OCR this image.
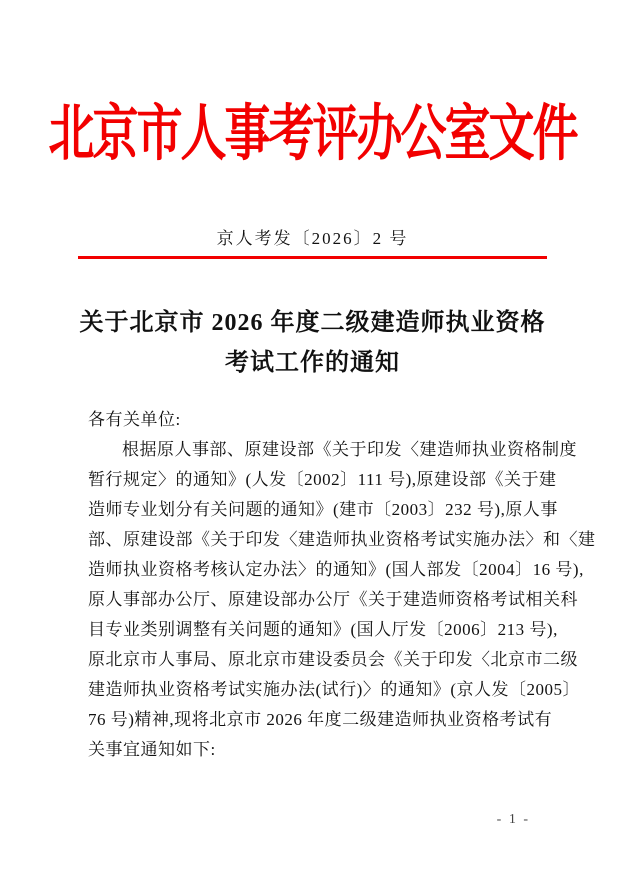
北京市人事考评办公室文件
京人考发〔2026〕2 号
关于北京市 2026 年度二级建造师执业资格
考试工作的通知
各有关单位:
根据原人事部、原建设部《关于印发〈建造师执业资格制度
暂行规定〉的通知》(人发〔2002〕111 号),原建设部《关于建
造师专业划分有关问题的通知》(建市〔2003〕232 号),原人事
部、原建设部《关于印发〈建造师执业资格考试实施办法〉和〈建
造师执业资格考核认定办法〉的通知》(国人部发〔2004〕16 号),
原人事部办公厅、原建设部办公厅《关于建造师资格考试相关科
目专业类别调整有关问题的通知》(国人厅发〔2006〕213 号),
原北京市人事局、原北京市建设委员会《关于印发〈北京市二级
建造师执业资格考试实施办法(试行)〉的通知》(京人发〔2005〕
76 号)精神,现将北京市 2026 年度二级建造师执业资格考试有
关事宜通知如下:
- 1 -
